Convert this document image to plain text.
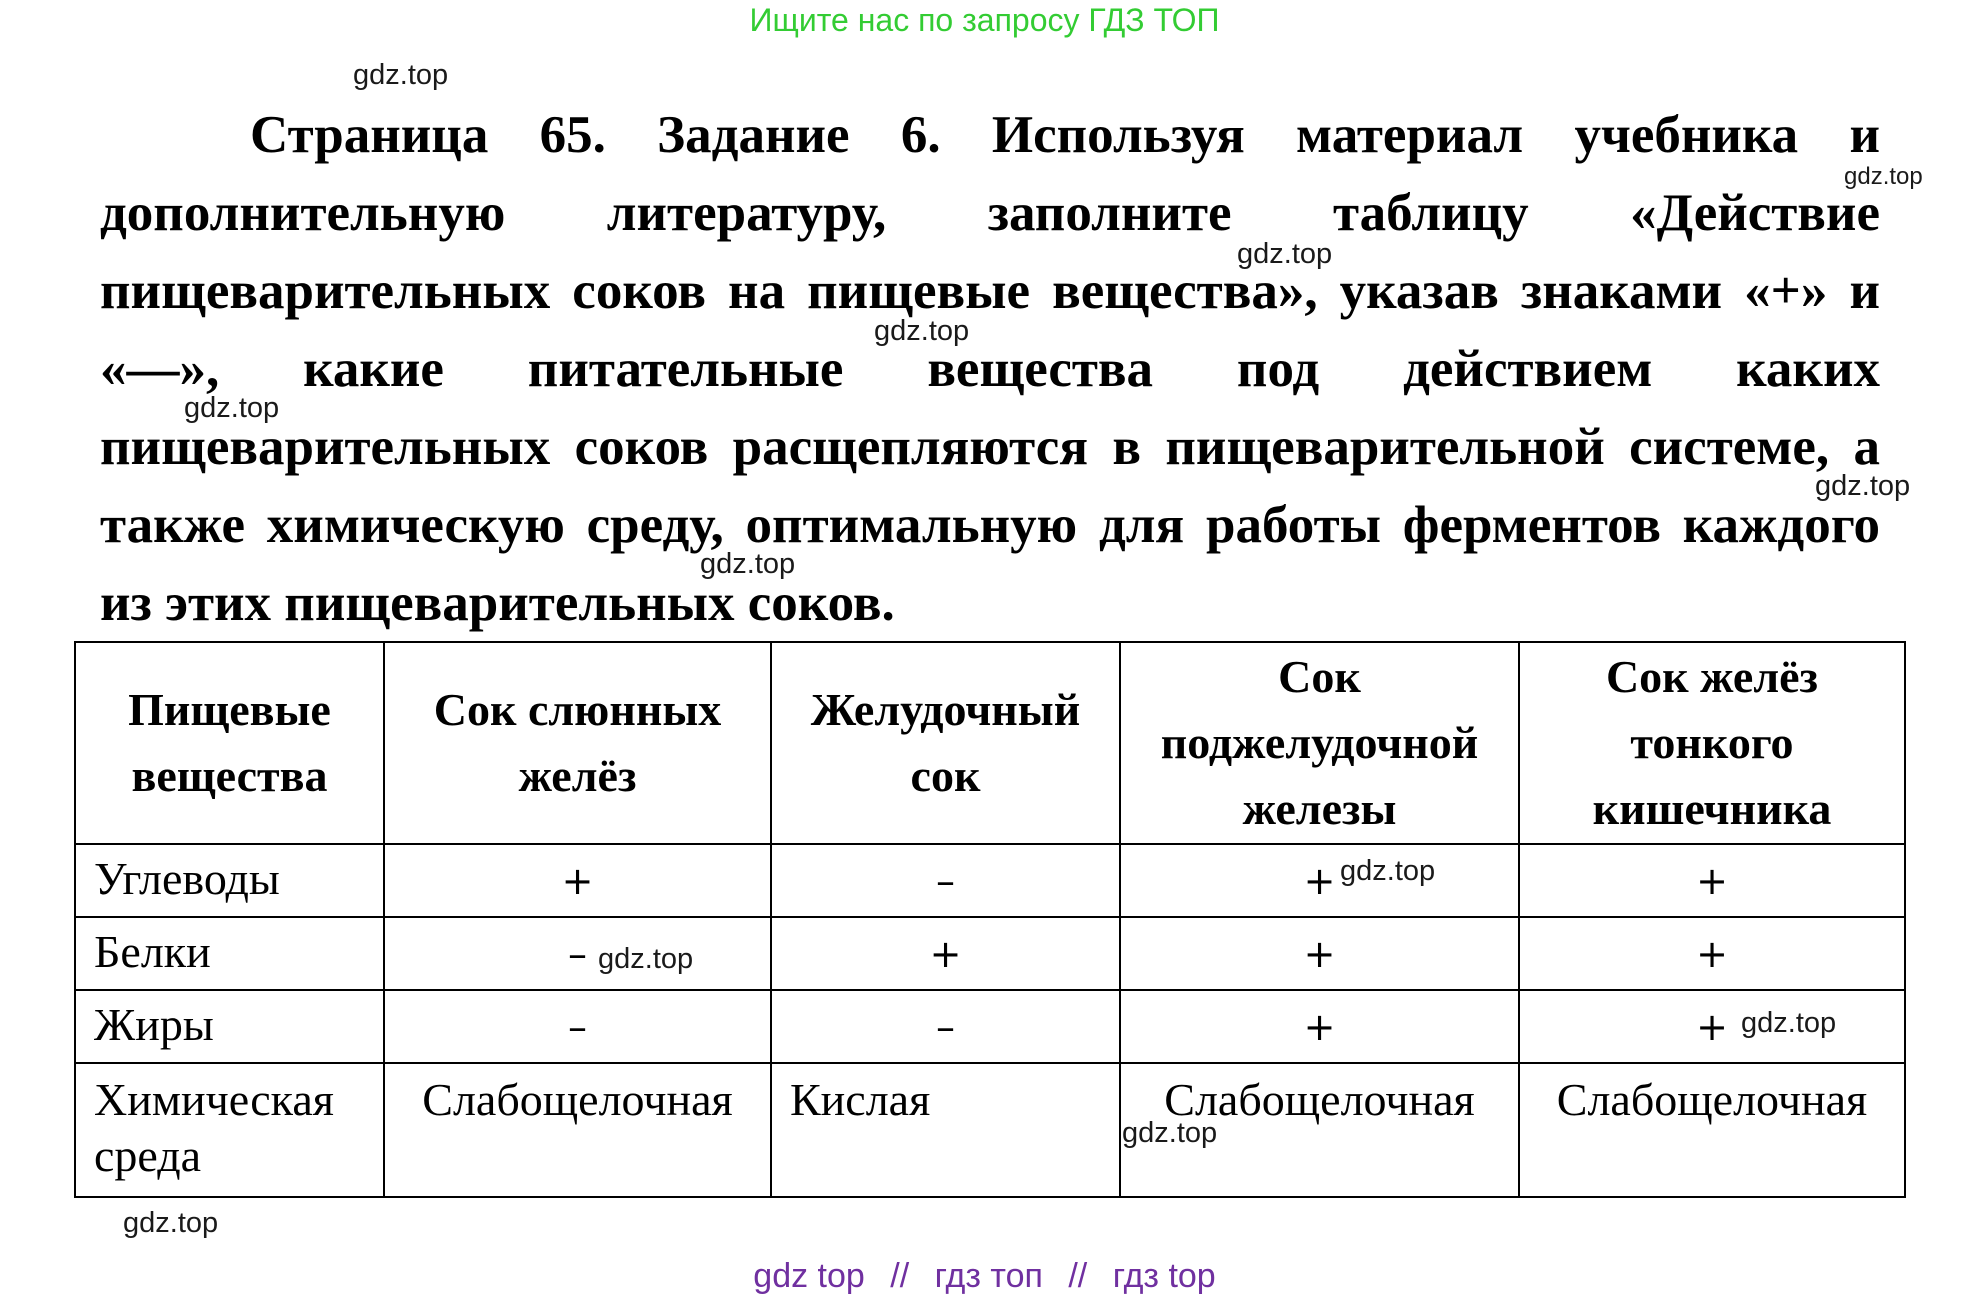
Ищите нас по запросу ГДЗ ТОП

Страница 65. Задание 6. Используя материал учебника и дополнительную литературу, заполните таблицу «Действие пищеварительных соков на пищевые вещества», указав знаками «+» и «—», какие питательные вещества под действием каких пищеварительных соков расщепляются в пищеварительной системе, а также химическую среду, оптимальную для работы ферментов каждого из этих пищеварительных соков.

Пищевые вещества	Сок слюнных желёз	Желудочный сок	Сок поджелудочной железы	Сок желёз тонкого кишечника
Углеводы	+	–	+	+
Белки	–	+	+	+
Жиры	–	–	+	+
Химическая среда	Слабощелочная	Кислая	Слабощелочная	Слабощелочная
gdz.top
gdz.top
gdz.top
gdz.top
gdz.top
gdz.top
gdz.top
gdz.top
gdz.top
gdz.top
gdz.top
gdz.top
gdz top // гдз топ // гдз top
